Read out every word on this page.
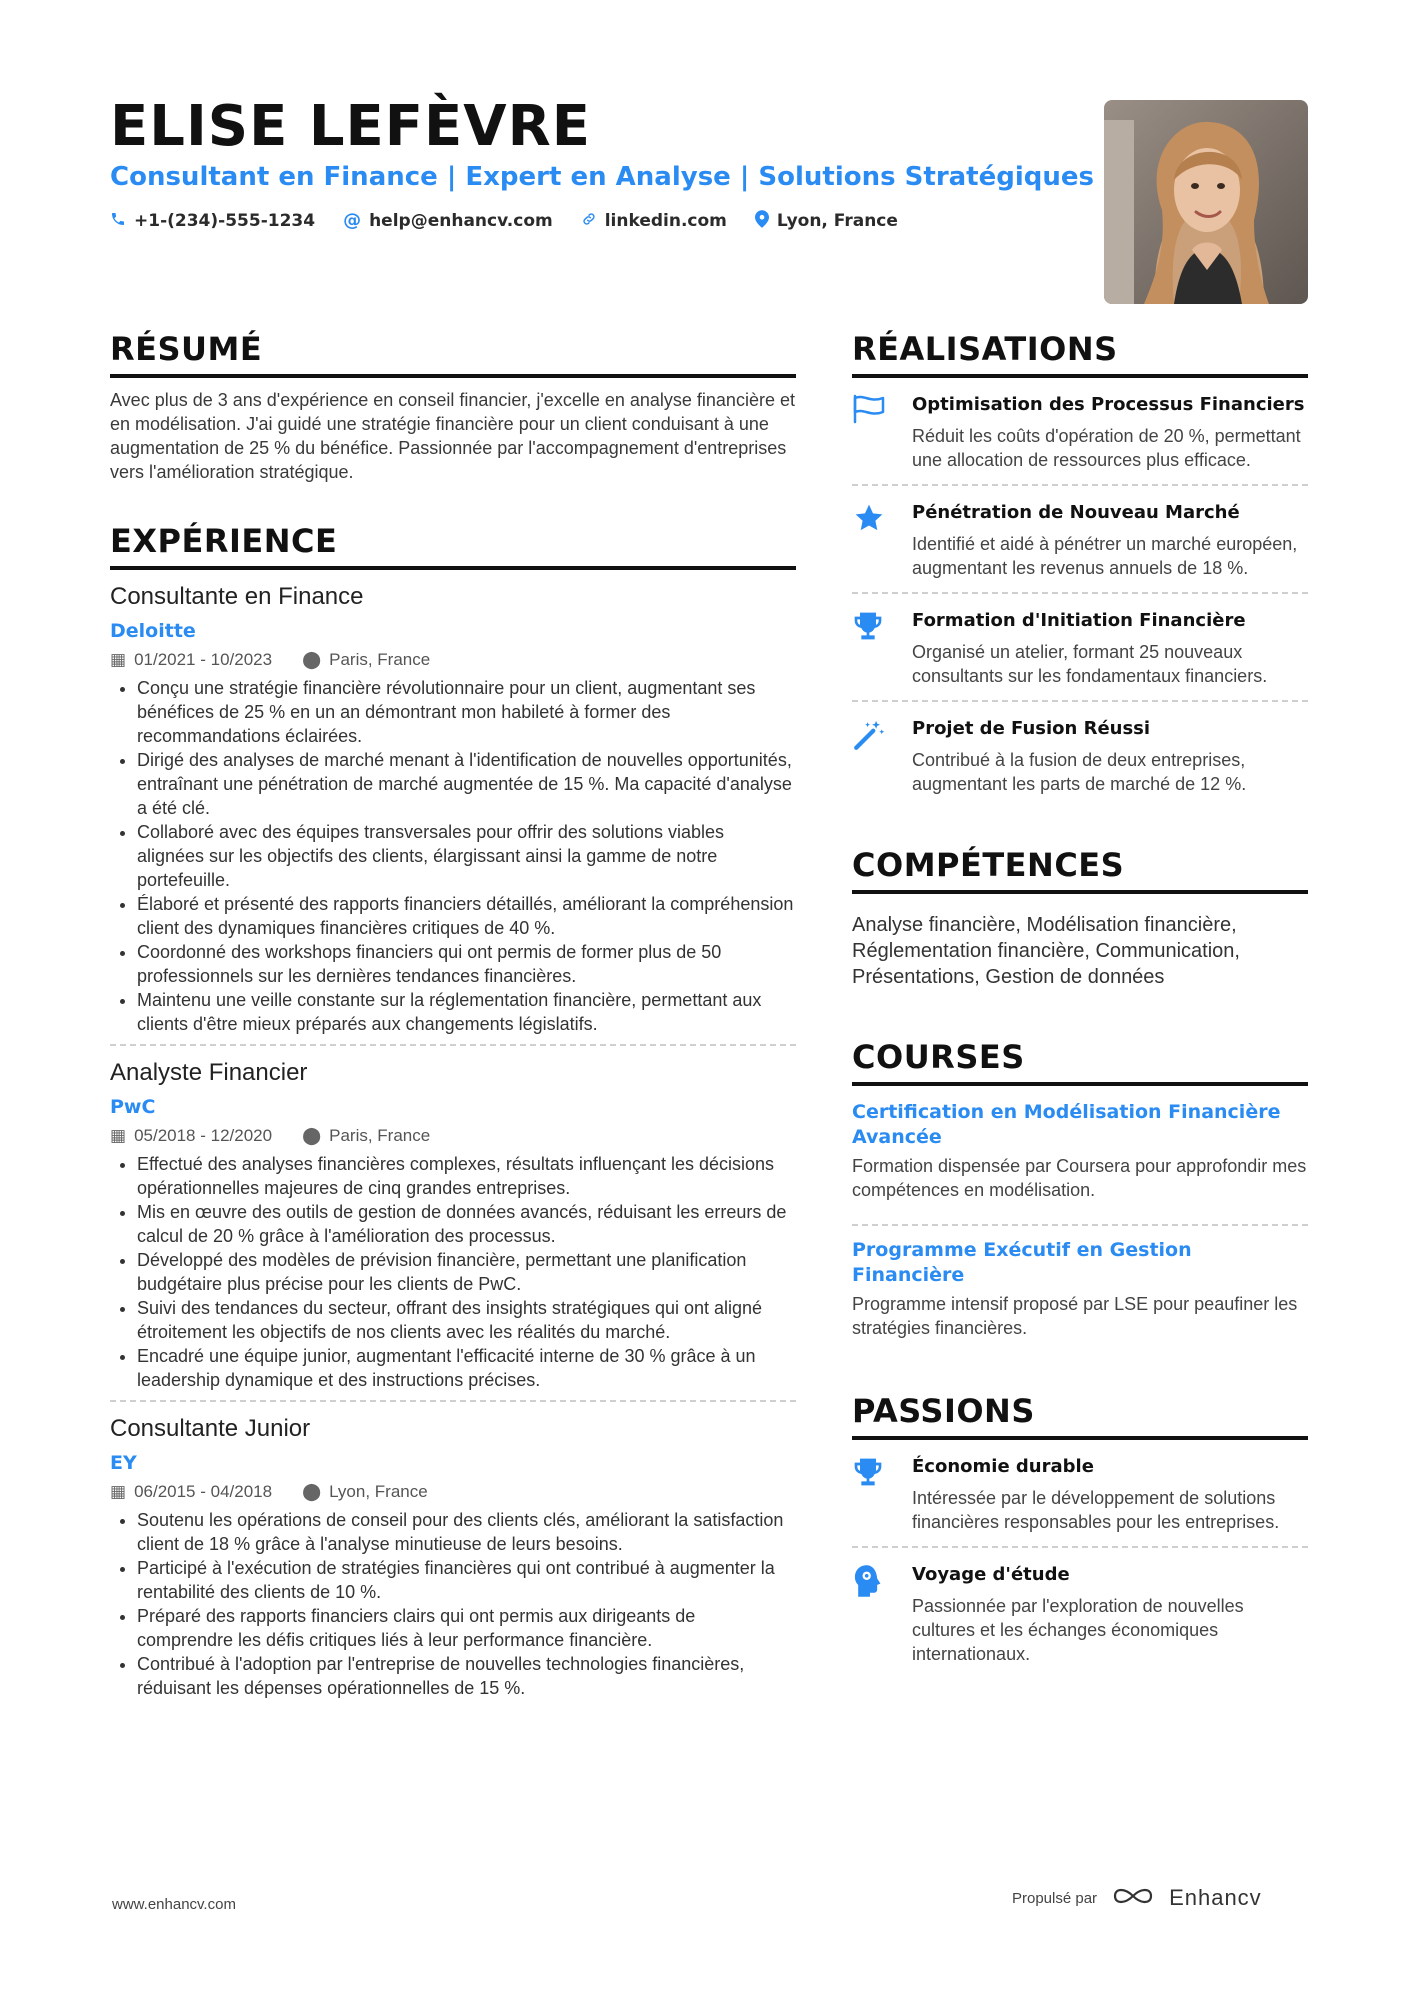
ELISE LEFÈVRE
Consultant en Finance | Expert en Analyse | Solutions Stratégiques
+1-(234)-555-1234 @ help@enhancv.com	linkedin.com	Lyon, France
RÉSUMÉ
Avec plus de 3 ans d'expérience en conseil financier, j'excelle en analyse financière et en modélisation. J'ai guidé une stratégie financière pour un client conduisant à une augmentation de 25 % du bénéfice. Passionnée par l'accompagnement d'entreprises vers l'amélioration stratégique.
EXPÉRIENCE
Consultante en Finance
Deloitte
▦ 01/2021 - 10/2023 ⬤ Paris, France
• Conçu une stratégie financière révolutionnaire pour un client, augmentant ses bénéfices de 25 % en un an démontrant mon habileté à former des recommandations éclairées.
• Dirigé des analyses de marché menant à l'identification de nouvelles opportunités, entraînant une pénétration de marché augmentée de 15 %. Ma capacité d'analyse a été clé.
• Collaboré avec des équipes transversales pour offrir des solutions viables alignées sur les objectifs des clients, élargissant ainsi la gamme de notre portefeuille.
• Élaboré et présenté des rapports financiers détaillés, améliorant la compréhension client des dynamiques financières critiques de 40 %.
• Coordonné des workshops financiers qui ont permis de former plus de 50 professionnels sur les dernières tendances financières.
• Maintenu une veille constante sur la réglementation financière, permettant aux clients d'être mieux préparés aux changements législatifs.
Analyste Financier
PwC
▦ 05/2018 - 12/2020 ⬤ Paris, France
• Effectué des analyses financières complexes, résultats influençant les décisions opérationnelles majeures de cinq grandes entreprises.
• Mis en œuvre des outils de gestion de données avancés, réduisant les erreurs de calcul de 20 % grâce à l'amélioration des processus.
• Développé des modèles de prévision financière, permettant une planification budgétaire plus précise pour les clients de PwC.
• Suivi des tendances du secteur, offrant des insights stratégiques qui ont aligné étroitement les objectifs de nos clients avec les réalités du marché.
• Encadré une équipe junior, augmentant l'efficacité interne de 30 % grâce à un leadership dynamique et des instructions précises.
Consultante Junior
EY
▦ 06/2015 - 04/2018 ⬤ Lyon, France
• Soutenu les opérations de conseil pour des clients clés, améliorant la satisfaction client de 18 % grâce à l'analyse minutieuse de leurs besoins.
• Participé à l'exécution de stratégies financières qui ont contribué à augmenter la rentabilité des clients de 10 %.
• Préparé des rapports financiers clairs qui ont permis aux dirigeants de comprendre les défis critiques liés à leur performance financière.
• Contribué à l'adoption par l'entreprise de nouvelles technologies financières, réduisant les dépenses opérationnelles de 15 %.
RÉALISATIONS
Optimisation des Processus Financiers
Réduit les coûts d'opération de 20 %, permettant une allocation de ressources plus efficace.
Pénétration de Nouveau Marché
Identifié et aidé à pénétrer un marché européen, augmentant les revenus annuels de 18 %.
Formation d'Initiation Financière
Organisé un atelier, formant 25 nouveaux consultants sur les fondamentaux financiers.
Projet de Fusion Réussi
Contribué à la fusion de deux entreprises, augmentant les parts de marché de 12 %.
COMPÉTENCES
Analyse financière, Modélisation financière, Réglementation financière, Communication, Présentations, Gestion de données
COURSES
Certification en Modélisation Financière Avancée
Formation dispensée par Coursera pour approfondir mes compétences en modélisation.
Programme Exécutif en Gestion Financière
Programme intensif proposé par LSE pour peaufiner les stratégies financières.
PASSIONS
Économie durable
Intéressée par le développement de solutions financières responsables pour les entreprises.
Voyage d'étude
Passionnée par l'exploration de nouvelles cultures et les échanges économiques internationaux.
www.enhancv.com	Propulsé par	Enhancv
